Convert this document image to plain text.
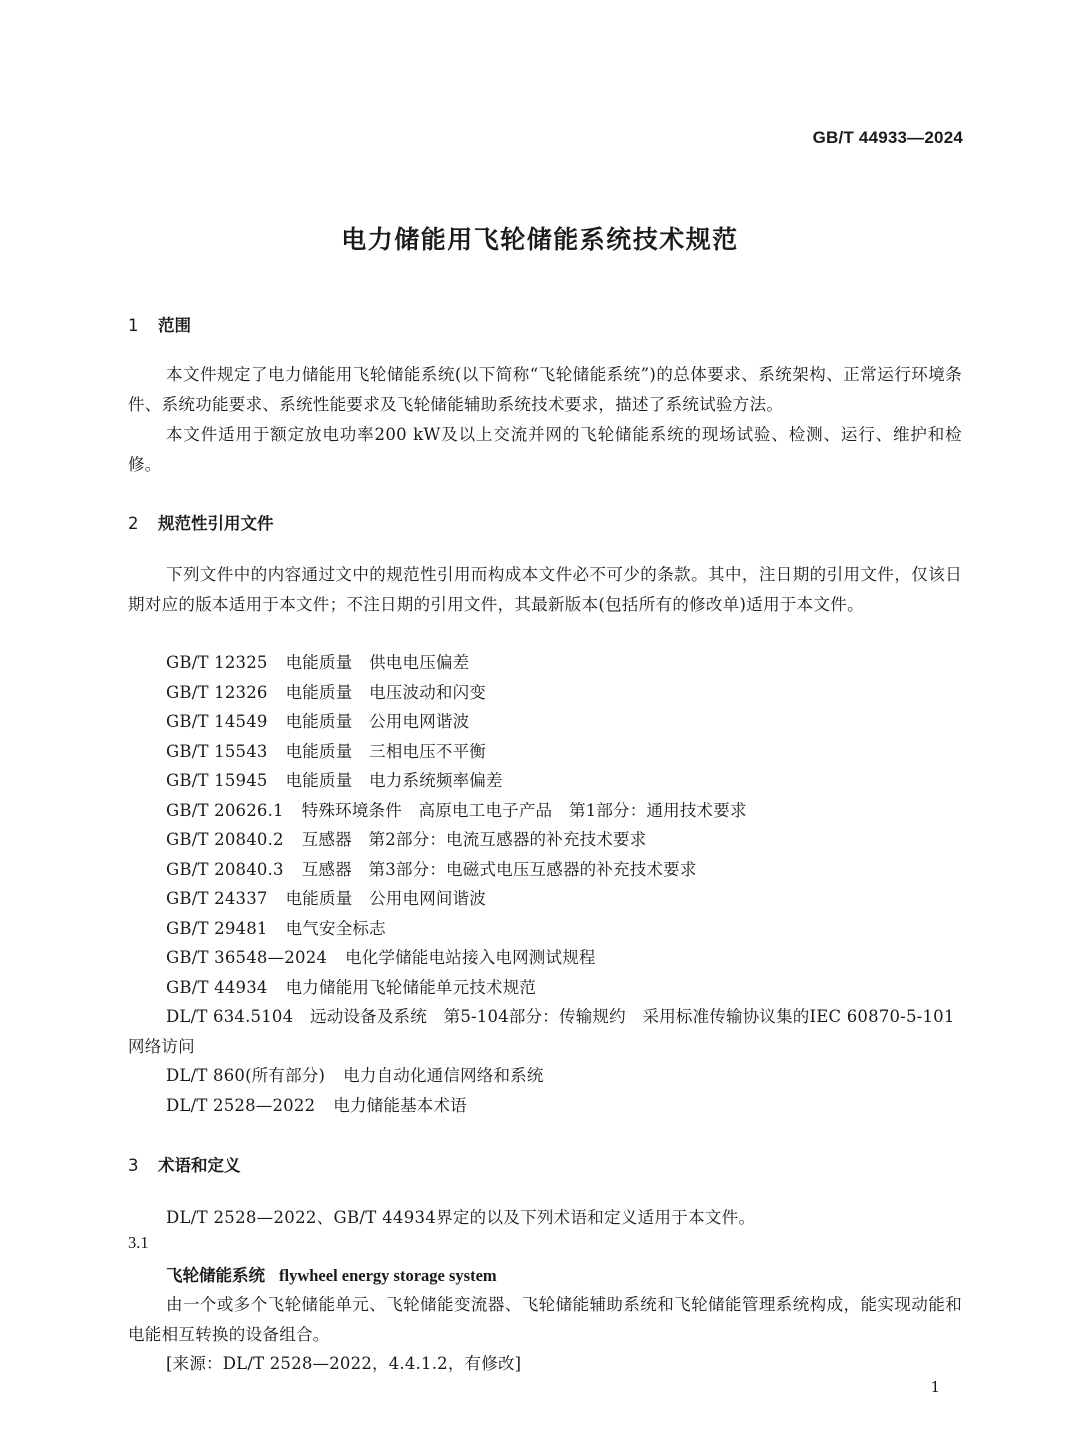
GB/T 44933—2024
电力储能用飞轮储能系统技术规范
1 范围
本文件规定了电力储能用飞轮储能系统(以下简称“飞轮储能系统”)的总体要求、系统架构、正常运行环境条件、系统功能要求、系统性能要求及飞轮储能辅助系统技术要求，描述了系统试验方法。
本文件适用于额定放电功率200 kW及以上交流并网的飞轮储能系统的现场试验、检测、运行、维护和检修。
2 规范性引用文件
下列文件中的内容通过文中的规范性引用而构成本文件必不可少的条款。其中，注日期的引用文件，仅该日期对应的版本适用于本文件；不注日期的引用文件，其最新版本(包括所有的修改单)适用于本文件。
GB/T 12325 电能质量　供电电压偏差
GB/T 12326 电能质量　电压波动和闪变
GB/T 14549 电能质量　公用电网谐波
GB/T 15543 电能质量　三相电压不平衡
GB/T 15945 电能质量　电力系统频率偏差
GB/T 20626.1 特殊环境条件　高原电工电子产品　第1部分：通用技术要求
GB/T 20840.2 互感器　第2部分：电流互感器的补充技术要求
GB/T 20840.3 互感器　第3部分：电磁式电压互感器的补充技术要求
GB/T 24337 电能质量　公用电网间谐波
GB/T 29481 电气安全标志
GB/T 36548—2024 电化学储能电站接入电网测试规程
GB/T 44934 电力储能用飞轮储能单元技术规范
DL/T 634.5104　远动设备及系统　第5-104部分：传输规约　采用标准传输协议集的IEC 60870-5-101网络访问
DL/T 860(所有部分) 电力自动化通信网络和系统
DL/T 2528—2022 电力储能基本术语
3 术语和定义
DL/T 2528—2022、GB/T 44934界定的以及下列术语和定义适用于本文件。
3.1
飞轮储能系统 flywheel energy storage system
由一个或多个飞轮储能单元、飞轮储能变流器、飞轮储能辅助系统和飞轮储能管理系统构成，能实现动能和电能相互转换的设备组合。
[来源：DL/T 2528—2022，4.4.1.2，有修改]
1
